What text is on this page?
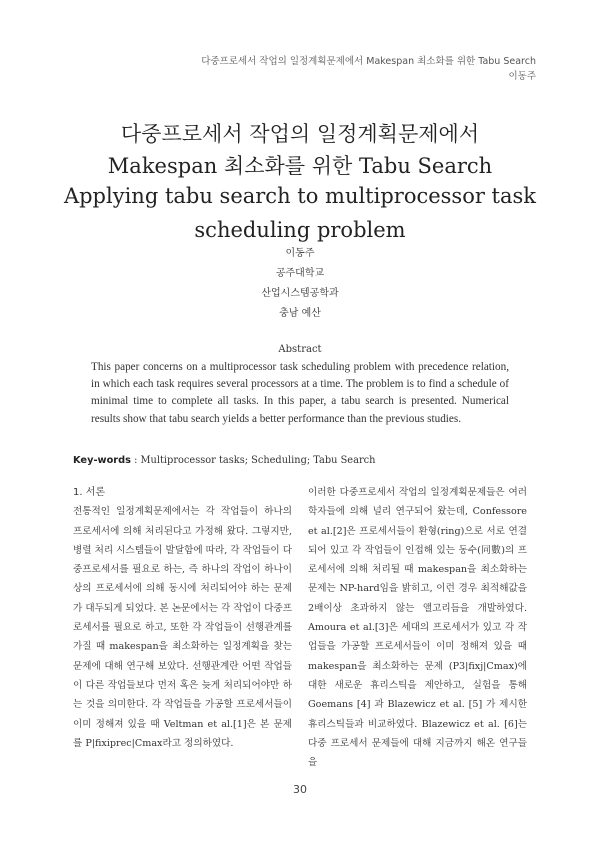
다중프로세서 작업의 일정계획문제에서 Makespan 최소화를 위한 Tabu Search
이동주
다중프로세서 작업의 일정계획문제에서
Makespan 최소화를 위한 Tabu Search
Applying tabu search to multiprocessor task
scheduling problem
이동주
공주대학교
산업시스템공학과
충남 예산
Abstract
This paper concerns on a multiprocessor task scheduling problem with precedence relation, in which each task requires several processors at a time. The problem is to find a schedule of minimal time to complete all tasks. In this paper, a tabu search is presented. Numerical results show that tabu search yields a better performance than the previous studies.
Key-words : Multiprocessor tasks; Scheduling; Tabu Search
1. 서론
전통적인 일정계획문제에서는 각 작업들이 하나의 프로세서에 의해 처리된다고 가정해 왔다. 그렇지만, 병렬 처리 시스템들이 발달함에 따라, 각 작업들이 다중프로세서를 필요로 하는, 즉 하나의 작업이 하나이상의 프로세서에 의해 동시에 처리되어야 하는 문제가 대두되게 되었다. 본 논문에서는 각 작업이 다중프로세서를 필요로 하고, 또한 각 작업들이 선행관계를 가질 때 makespan을 최소화하는 일정계획을 찾는 문제에 대해 연구해 보았다. 선행관계란 어떤 작업들이 다른 작업들보다 먼저 혹은 늦게 처리되어야만 하는 것을 의미한다. 각 작업들을 가공할 프로세서들이 이미 정해져 있을 때 Veltman et al.[1]은 본 문제를 P|fixiprec|Cmax라고 정의하였다.
이러한 다중프로세서 작업의 일정계획문제들은 여러 학자들에 의해 널리 연구되어 왔는데, Confessore et al.[2]은 프로세서들이 환형(ring)으로 서로 연결되어 있고 각 작업들이 인접해 있는 동수(同數)의 프로세서에 의해 처리될 때 makespan을 최소화하는 문제는 NP-hard임을 밝히고, 이런 경우 최적해값을 2배이상 초과하지 않는 앨고리듬을 개발하였다. Amoura et al.[3]은 세대의 프로세서가 있고 각 작업들을 가공할 프로세서들이 이미 정해져 있을 때 makespan을 최소화하는 문제 (P3|fixj|Cmax)에 대한 새로운 휴리스틱을 제안하고, 실험을 통해 Goemans [4] 과 Blazewicz et al. [5] 가 제시한 휴리스틱들과 비교하였다. Blazewicz et al. [6]는 다중 프로세서 문제들에 대해 지금까지 해온 연구들을
30
